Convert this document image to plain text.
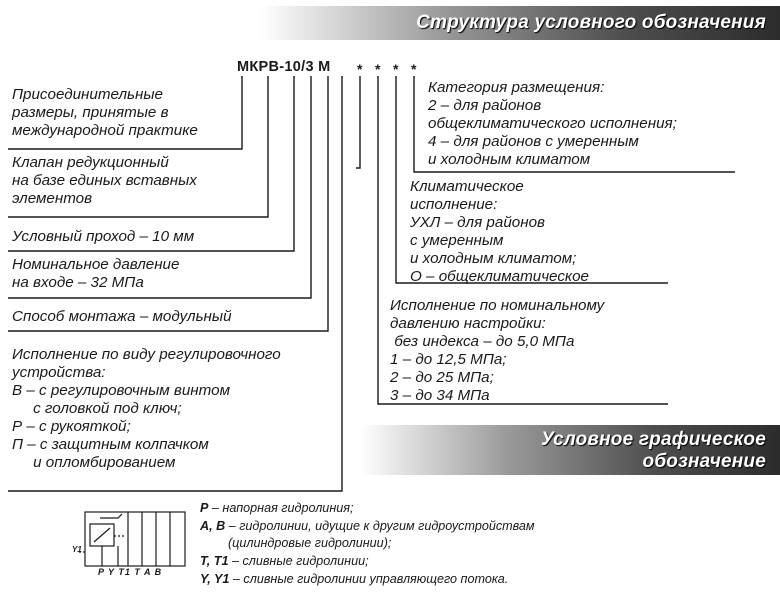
Структура условного обозначения
МКРВ-10/3 М * * * *
Присоединительные
размеры, принятые в
международной практике
Клапан редукционный
на базе единых вставных
элементов
Условный проход – 10 мм
Номинальное давление
на входе – 32 МПа
Способ монтажа – модульный
Исполнение по виду регулировочного
устройства:
В – с регулировочным винтом
с головкой под ключ;
Р – с рукояткой;
П – с защитным колпачком
и опломбированием
Категория размещения:
2 – для районов
общеклиматического исполнения;
4 – для районов с умеренным
и холодным климатом
Климатическое
исполнение:
УХЛ – для районов
с умеренным
и холодным климатом;
О – общеклиматическое
Исполнение по номинальному
давлению настройки:
без индекса – до 5,0 МПа
1 – до 12,5 МПа;
2 – до 25 МПа;
3 – до 34 МПа
Условное графическое
обозначение
P Y T1 T A B
Y1
P – напорная гидролиния;
A, B – гидролинии, идущие к другим гидроустройствам
(цилиндровые гидролинии);
T, T1 – сливные гидролинии;
Y, Y1 – сливные гидролинии управляющего потока.
